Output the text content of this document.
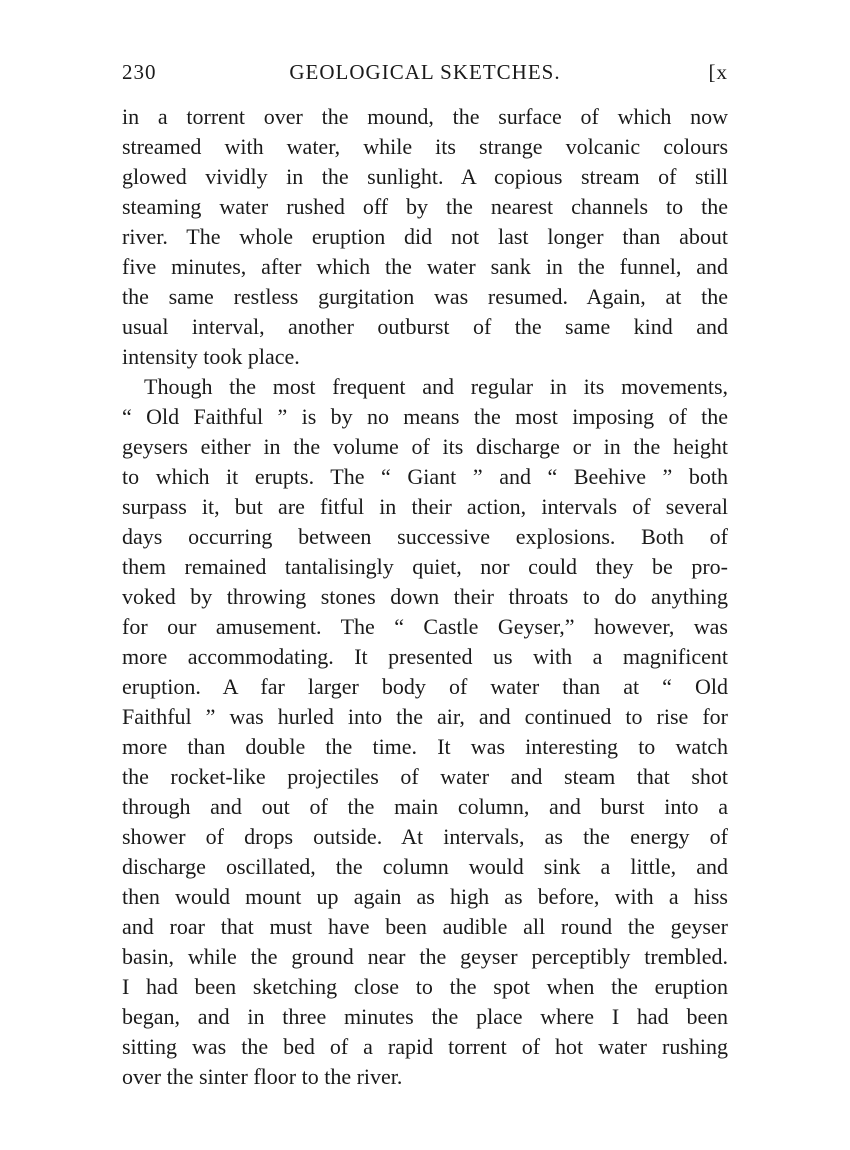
230	GEOLOGICAL SKETCHES.	[x
in a torrent over the mound, the surface of which now
streamed with water, while its strange volcanic colours
glowed vividly in the sunlight. A copious stream of still
steaming water rushed off by the nearest channels to the
river. The whole eruption did not last longer than about
five minutes, after which the water sank in the funnel, and
the same restless gurgitation was resumed. Again, at the
usual interval, another outburst of the same kind and
intensity took place.
Though the most frequent and regular in its movements,
“ Old Faithful ” is by no means the most imposing of the
geysers either in the volume of its discharge or in the height
to which it erupts. The “ Giant ” and “ Beehive ” both
surpass it, but are fitful in their action, intervals of several
days occurring between successive explosions. Both of
them remained tantalisingly quiet, nor could they be pro-
voked by throwing stones down their throats to do anything
for our amusement. The “ Castle Geyser,” however, was
more accommodating. It presented us with a magnificent
eruption. A far larger body of water than at “ Old
Faithful ” was hurled into the air, and continued to rise for
more than double the time. It was interesting to watch
the rocket-like projectiles of water and steam that shot
through and out of the main column, and burst into a
shower of drops outside. At intervals, as the energy of
discharge oscillated, the column would sink a little, and
then would mount up again as high as before, with a hiss
and roar that must have been audible all round the geyser
basin, while the ground near the geyser perceptibly trembled.
I had been sketching close to the spot when the eruption
began, and in three minutes the place where I had been
sitting was the bed of a rapid torrent of hot water rushing
over the sinter floor to the river.
